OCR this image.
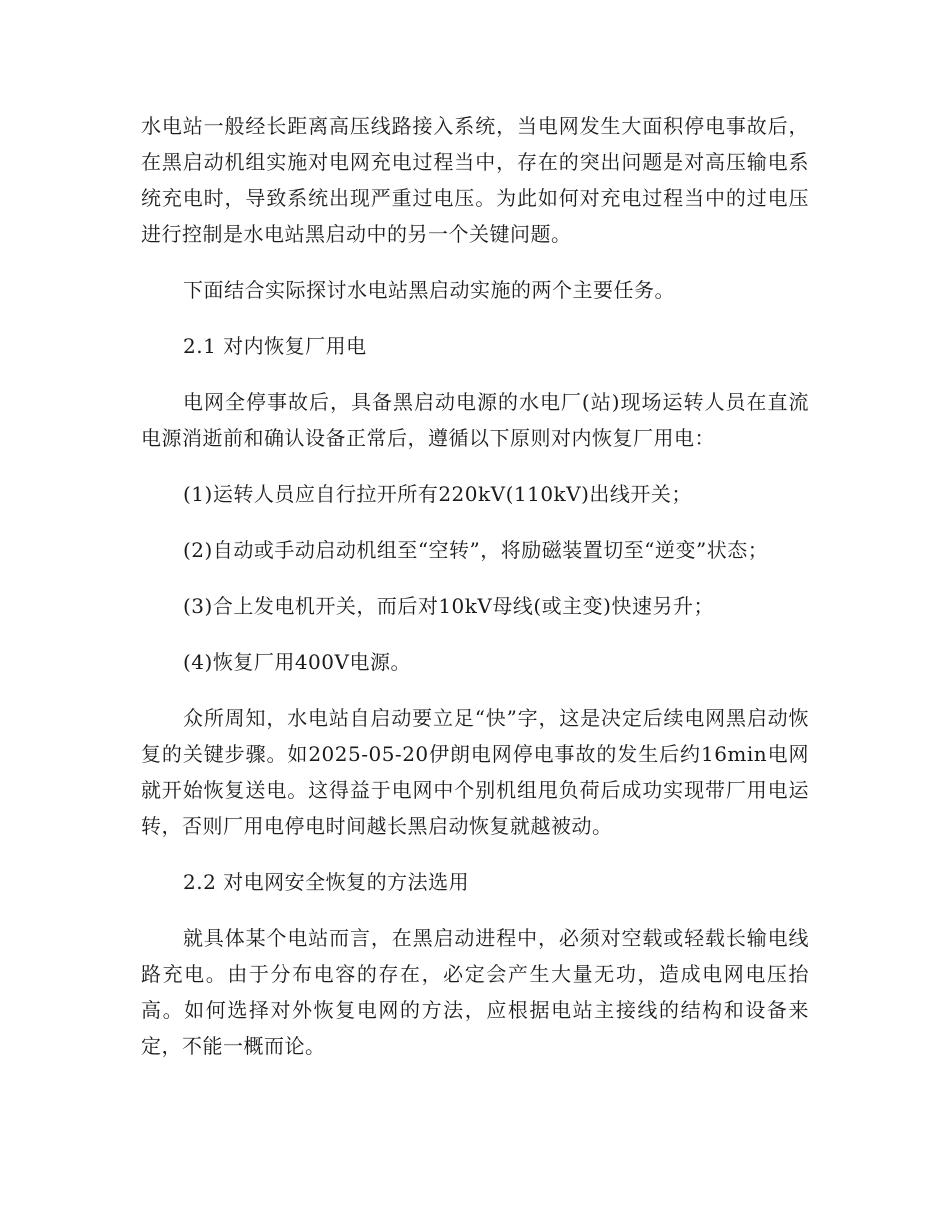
水电站一般经长距离高压线路接入系统，当电网发生大面积停电事故后，在黑启动机组实施对电网充电过程当中，存在的突出问题是对高压输电系统充电时，导致系统出现严重过电压。为此如何对充电过程当中的过电压进行控制是水电站黑启动中的另一个关键问题。

下面结合实际探讨水电站黑启动实施的两个主要任务。

2.1 对内恢复厂用电

电网全停事故后，具备黑启动电源的水电厂(站)现场运转人员在直流电源消逝前和确认设备正常后，遵循以下原则对内恢复厂用电：

(1)运转人员应自行拉开所有220kV(110kV)出线开关；

(2)自动或手动启动机组至“空转”，将励磁装置切至“逆变”状态；

(3)合上发电机开关，而后对10kV母线(或主变)快速另升；

(4)恢复厂用400V电源。

众所周知，水电站自启动要立足“快”字，这是决定后续电网黑启动恢复的关键步骤。如2025-05-20伊朗电网停电事故的发生后约16min电网就开始恢复送电。这得益于电网中个别机组甩负荷后成功实现带厂用电运转，否则厂用电停电时间越长黑启动恢复就越被动。

2.2 对电网安全恢复的方法选用

就具体某个电站而言，在黑启动进程中，必须对空载或轻载长输电线路充电。由于分布电容的存在，必定会产生大量无功，造成电网电压抬高。如何选择对外恢复电网的方法，应根据电站主接线的结构和设备来定，不能一概而论。
